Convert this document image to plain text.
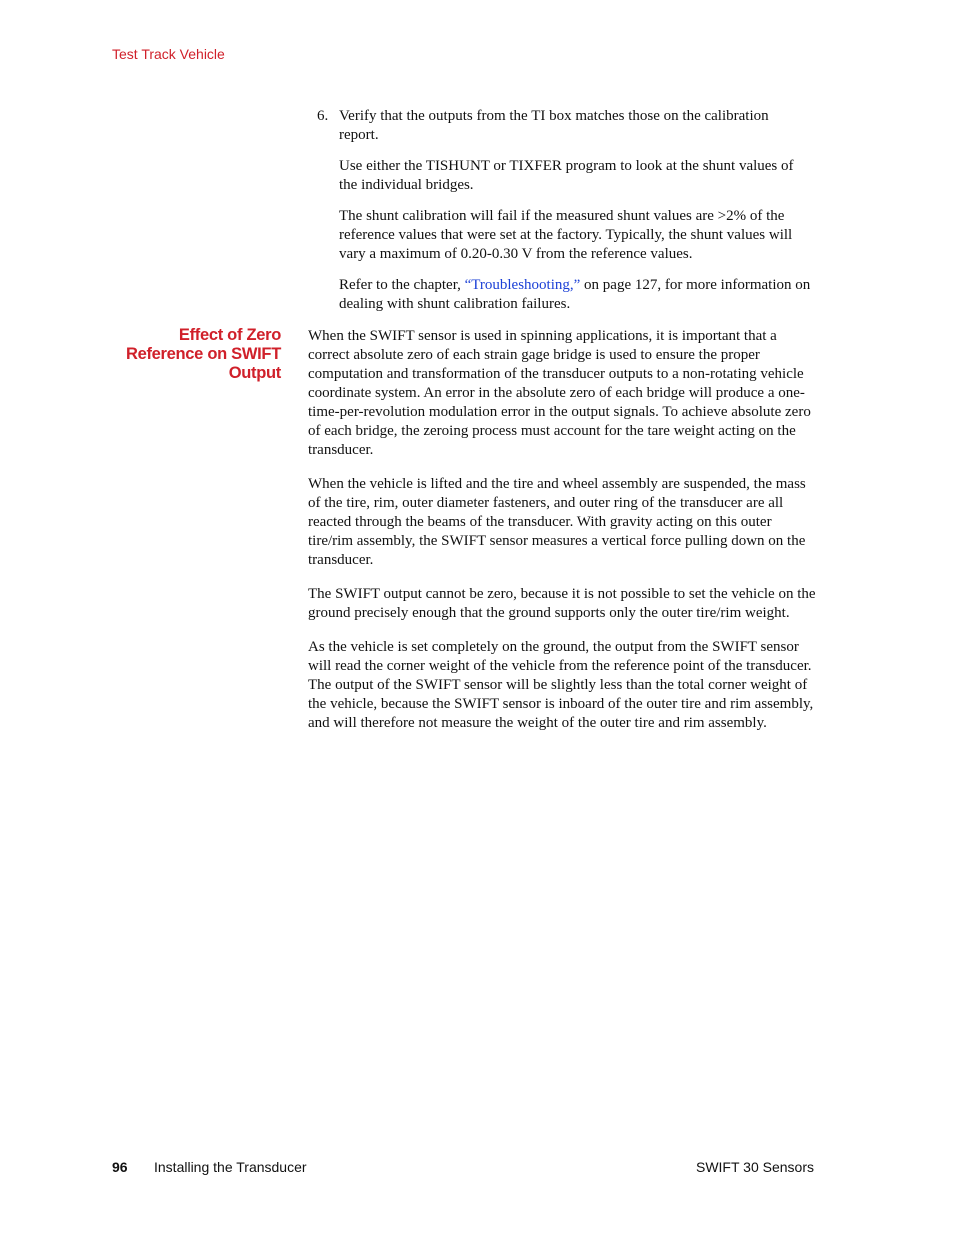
Test Track Vehicle
6. Verify that the outputs from the TI box matches those on the calibration report.

Use either the TISHUNT or TIXFER program to look at the shunt values of the individual bridges.

The shunt calibration will fail if the measured shunt values are >2% of the reference values that were set at the factory. Typically, the shunt values will vary a maximum of 0.20-0.30 V from the reference values.

Refer to the chapter, “Troubleshooting,” on page 127, for more information on dealing with shunt calibration failures.

Effect of Zero
Reference on SWIFT
Output

When the SWIFT sensor is used in spinning applications, it is important that a correct absolute zero of each strain gage bridge is used to ensure the proper computation and transformation of the transducer outputs to a non-rotating vehicle coordinate system. An error in the absolute zero of each bridge will produce a one-time-per-revolution modulation error in the output signals. To achieve absolute zero of each bridge, the zeroing process must account for the tare weight acting on the transducer.

When the vehicle is lifted and the tire and wheel assembly are suspended, the mass of the tire, rim, outer diameter fasteners, and outer ring of the transducer are all reacted through the beams of the transducer. With gravity acting on this outer tire/rim assembly, the SWIFT sensor measures a vertical force pulling down on the transducer.

The SWIFT output cannot be zero, because it is not possible to set the vehicle on the ground precisely enough that the ground supports only the outer tire/rim weight.

As the vehicle is set completely on the ground, the output from the SWIFT sensor will read the corner weight of the vehicle from the reference point of the transducer. The output of the SWIFT sensor will be slightly less than the total corner weight of the vehicle, because the SWIFT sensor is inboard of the outer tire and rim assembly, and will therefore not measure the weight of the outer tire and rim assembly.

96 Installing the Transducer	SWIFT 30 Sensors
